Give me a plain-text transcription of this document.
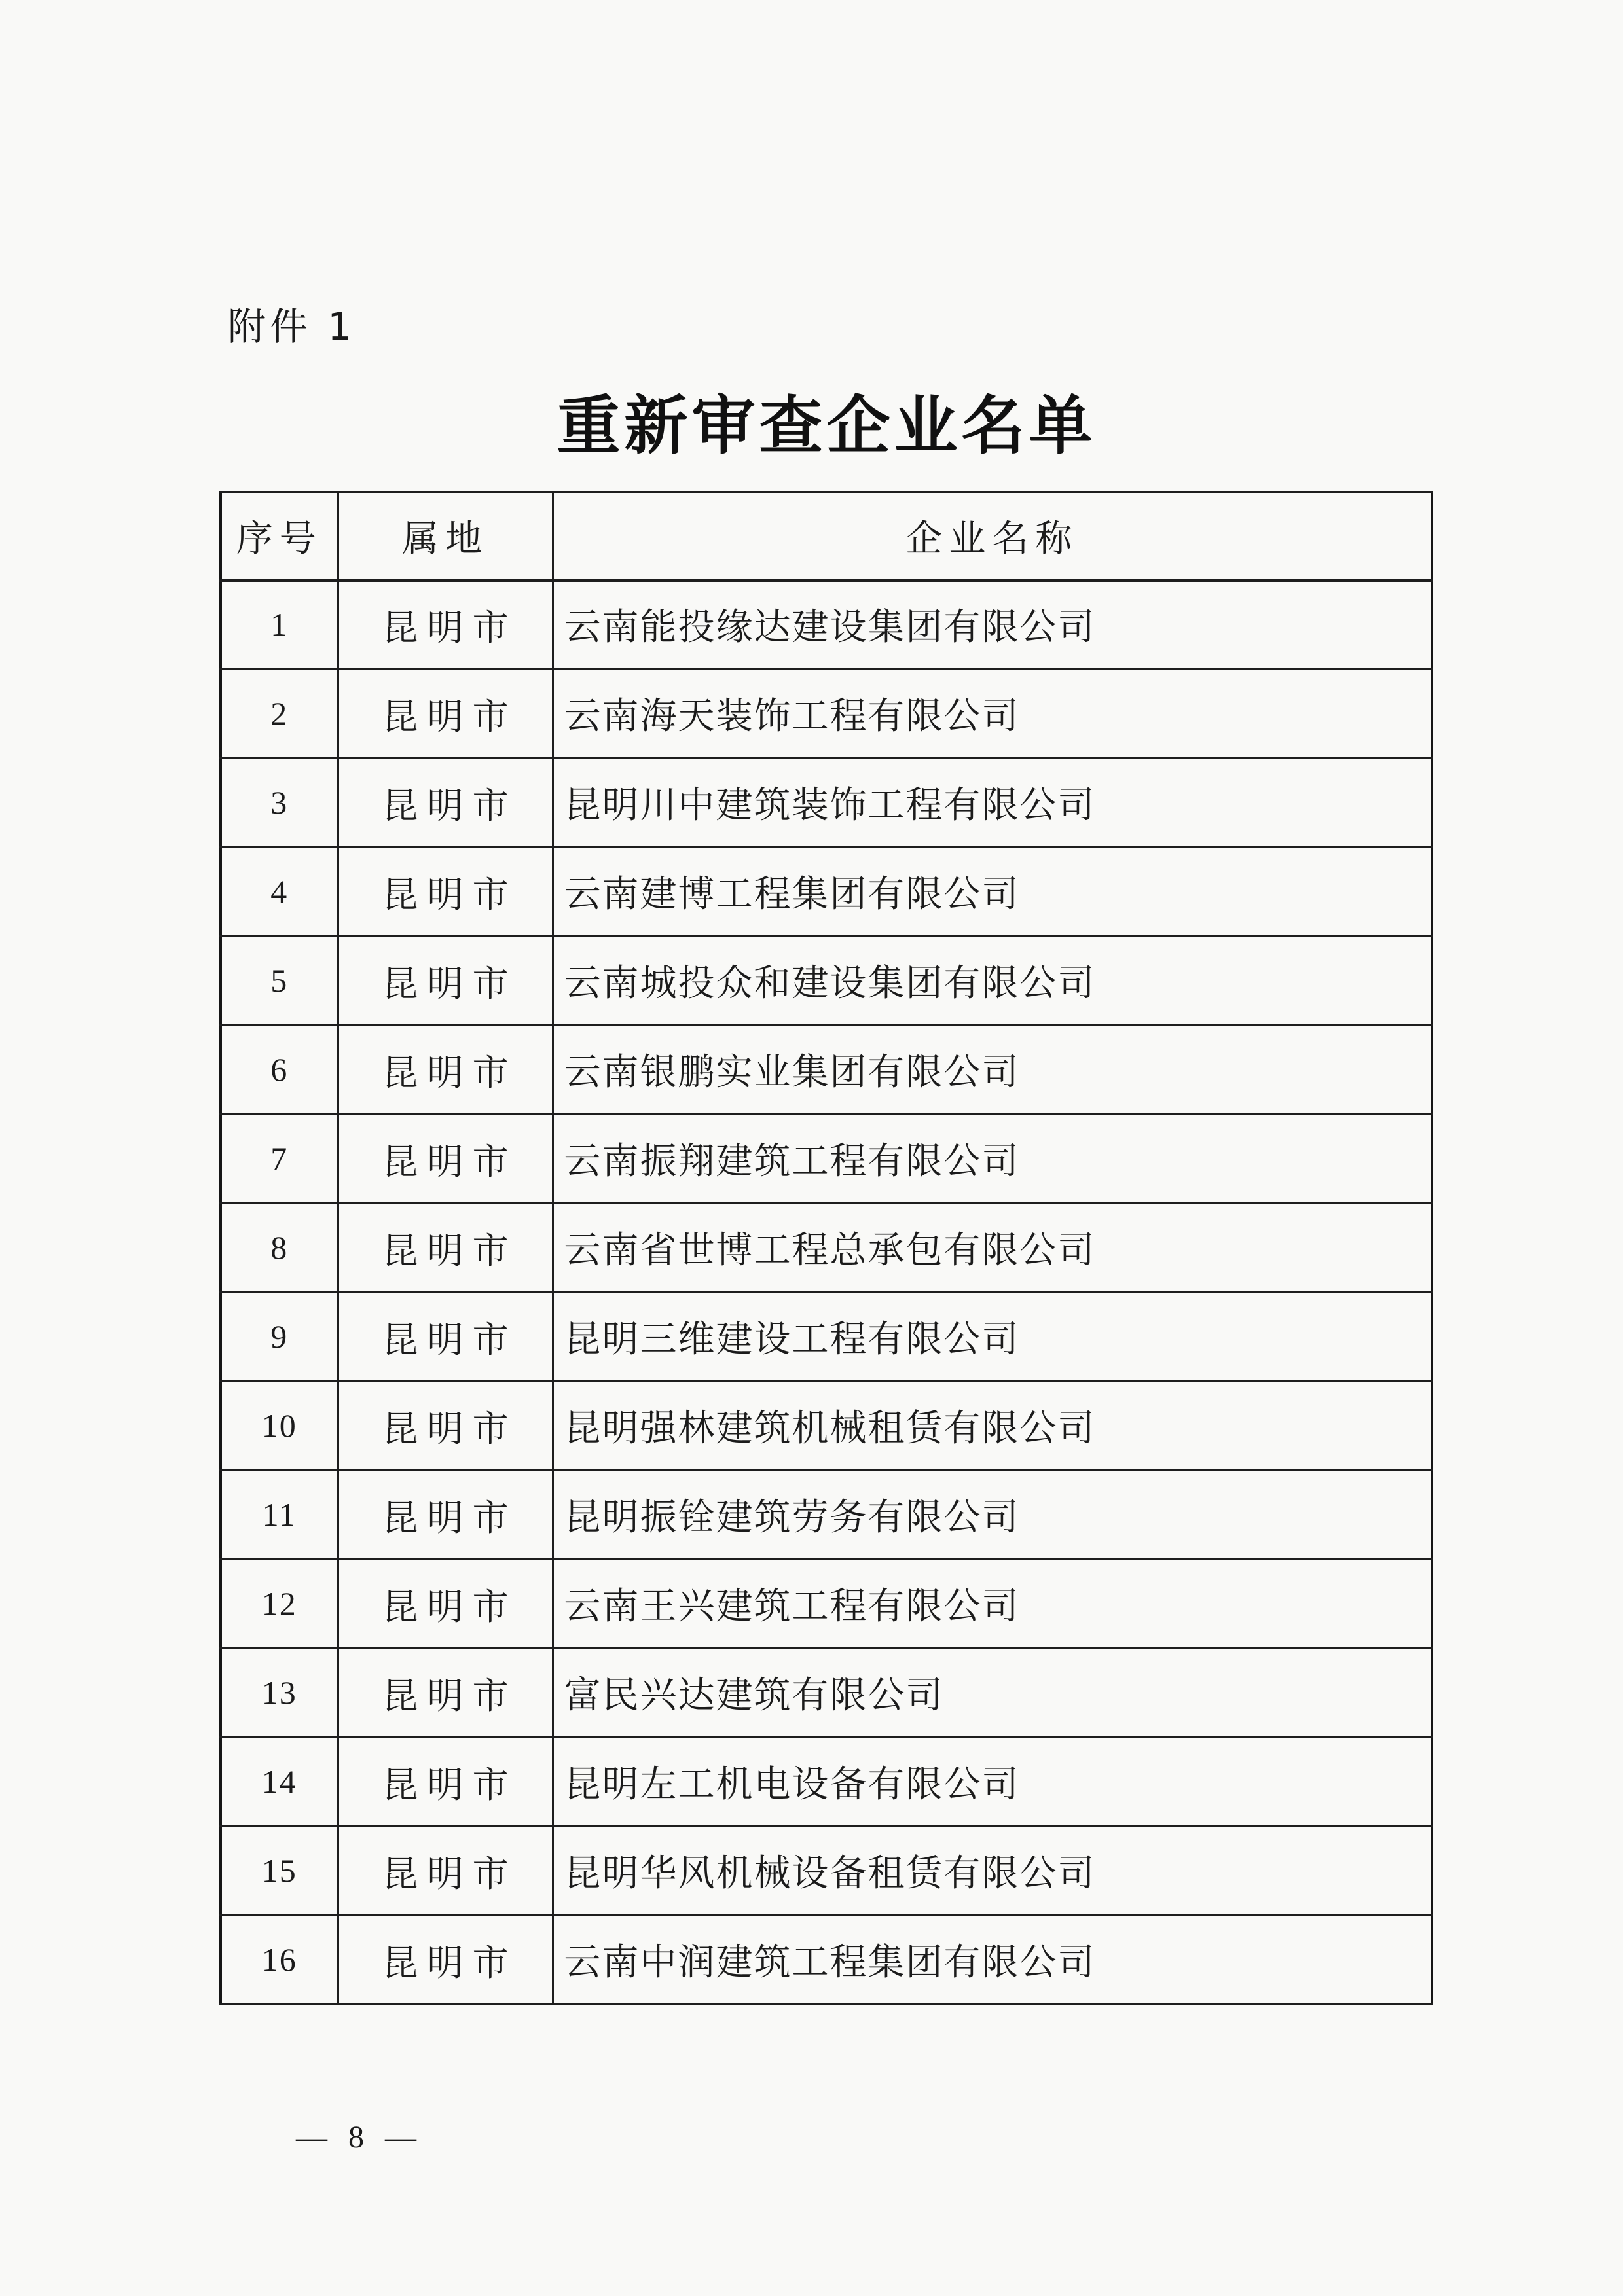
附件 1
重新审查企业名单
序号	属地	企业名称
1	昆明市	云南能投缘达建设集团有限公司
2	昆明市	云南海天装饰工程有限公司
3	昆明市	昆明川中建筑装饰工程有限公司
4	昆明市	云南建博工程集团有限公司
5	昆明市	云南城投众和建设集团有限公司
6	昆明市	云南银鹏实业集团有限公司
7	昆明市	云南振翔建筑工程有限公司
8	昆明市	云南省世博工程总承包有限公司
9	昆明市	昆明三维建设工程有限公司
10	昆明市	昆明强林建筑机械租赁有限公司
11	昆明市	昆明振铨建筑劳务有限公司
12	昆明市	云南王兴建筑工程有限公司
13	昆明市	富民兴达建筑有限公司
14	昆明市	昆明左工机电设备有限公司
15	昆明市	昆明华风机械设备租赁有限公司
16	昆明市	云南中润建筑工程集团有限公司
— 8 —
